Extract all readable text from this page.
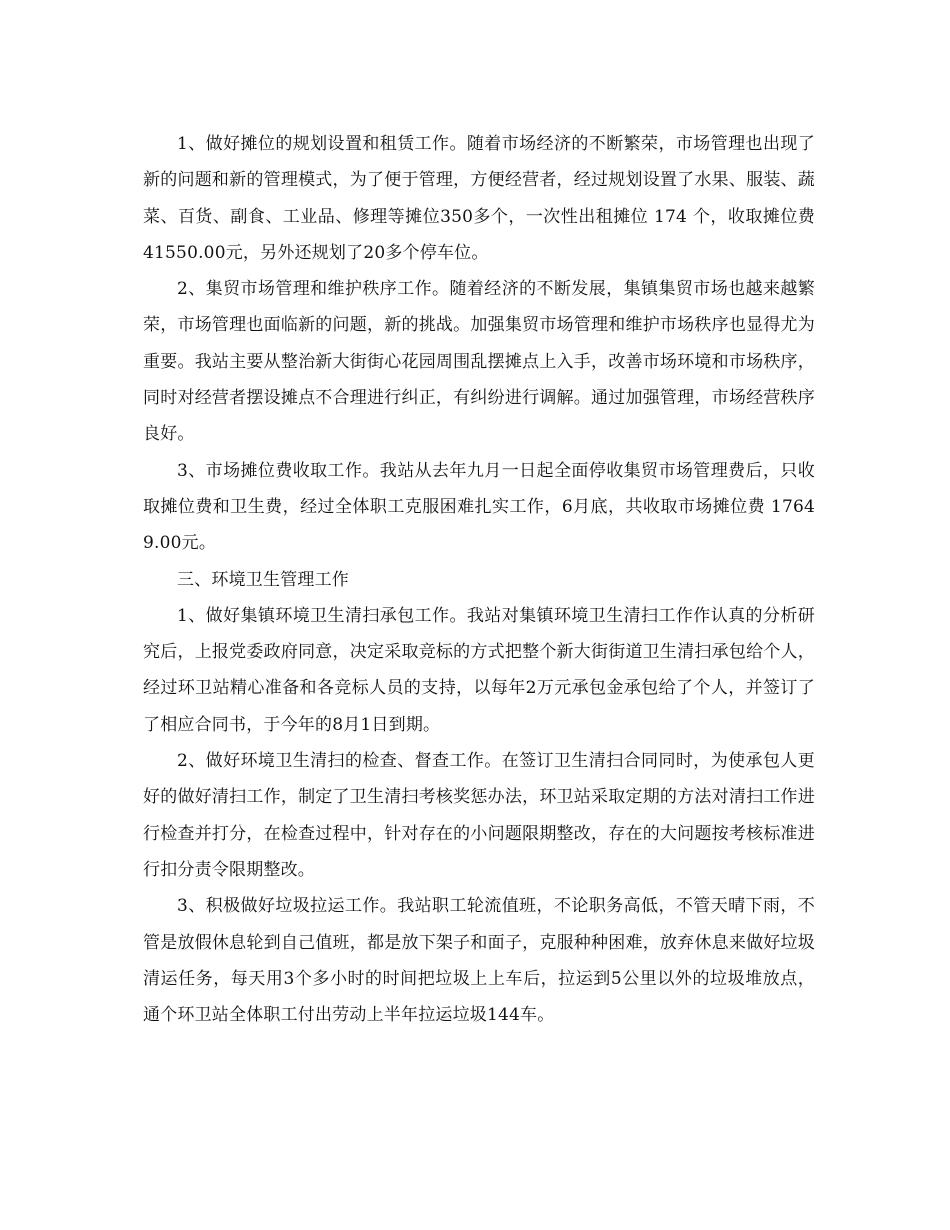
1、做好摊位的规划设置和租赁工作。随着市场经济的不断繁荣，市场管理也出现了新的问题和新的管理模式，为了便于管理，方便经营者，经过规划设置了水果、服装、蔬菜、百货、副食、工业品、修理等摊位350多个，一次性出租摊位 174 个，收取摊位费41550.00元，另外还规划了20多个停车位。

2、集贸市场管理和维护秩序工作。随着经济的不断发展，集镇集贸市场也越来越繁荣，市场管理也面临新的问题，新的挑战。加强集贸市场管理和维护市场秩序也显得尤为重要。我站主要从整治新大街街心花园周围乱摆摊点上入手，改善市场环境和市场秩序，同时对经营者摆设摊点不合理进行纠正，有纠纷进行调解。通过加强管理，市场经营秩序良好。

3、市场摊位费收取工作。我站从去年九月一日起全面停收集贸市场管理费后，只收取摊位费和卫生费，经过全体职工克服困难扎实工作，6月底，共收取市场摊位费 17649.00元。

三、环境卫生管理工作

1、做好集镇环境卫生清扫承包工作。我站对集镇环境卫生清扫工作作认真的分析研究后，上报党委政府同意，决定采取竞标的方式把整个新大街街道卫生清扫承包给个人，经过环卫站精心准备和各竞标人员的支持，以每年2万元承包金承包给了个人，并签订了了相应合同书，于今年的8月1日到期。

2、做好环境卫生清扫的检查、督查工作。在签订卫生清扫合同同时，为使承包人更好的做好清扫工作，制定了卫生清扫考核奖惩办法，环卫站采取定期的方法对清扫工作进行检查并打分，在检查过程中，针对存在的小问题限期整改，存在的大问题按考核标准进行扣分责令限期整改。

3、积极做好垃圾拉运工作。我站职工轮流值班，不论职务高低，不管天晴下雨，不管是放假休息轮到自己值班，都是放下架子和面子，克服种种困难，放弃休息来做好垃圾清运任务，每天用3个多小时的时间把垃圾上上车后，拉运到5公里以外的垃圾堆放点，通个环卫站全体职工付出劳动上半年拉运垃圾144车。
